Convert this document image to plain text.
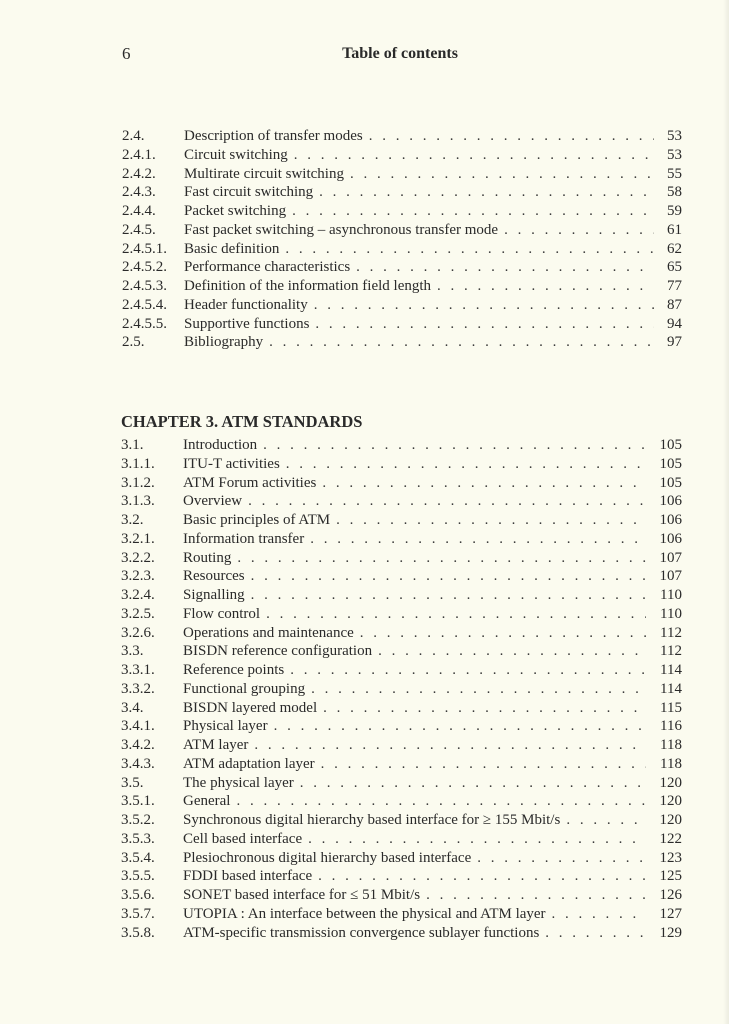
6	Table of contents
2.4.	Description of transfer modes . . .	53
2.4.1.	Circuit switching . . .	53
2.4.2.	Multirate circuit switching . . .	55
2.4.3.	Fast circuit switching . . .	58
2.4.4.	Packet switching . . .	59
2.4.5.	Fast packet switching – asynchronous transfer mode . . .	61
2.4.5.1.	Basic definition . . .	62
2.4.5.2.	Performance characteristics . . .	65
2.4.5.3.	Definition of the information field length . . .	77
2.4.5.4.	Header functionality . . .	87
2.4.5.5.	Supportive functions . . .	94
2.5.	Bibliography . . .	97
CHAPTER 3. ATM STANDARDS
3.1.	Introduction . . .	105
3.1.1.	ITU-T activities . . .	105
3.1.2.	ATM Forum activities . . .	105
3.1.3.	Overview . . .	106
3.2.	Basic principles of ATM . . .	106
3.2.1.	Information transfer . . .	106
3.2.2.	Routing . . .	107
3.2.3.	Resources . . .	107
3.2.4.	Signalling . . .	110
3.2.5.	Flow control . . .	110
3.2.6.	Operations and maintenance . . .	112
3.3.	BISDN reference configuration . . .	112
3.3.1.	Reference points . . .	114
3.3.2.	Functional grouping . . .	114
3.4.	BISDN layered model . . .	115
3.4.1.	Physical layer . . .	116
3.4.2.	ATM layer . . .	118
3.4.3.	ATM adaptation layer . . .	118
3.5.	The physical layer . . .	120
3.5.1.	General . . .	120
3.5.2.	Synchronous digital hierarchy based interface for ≥ 155 Mbit/s . . .	120
3.5.3.	Cell based interface . . .	122
3.5.4.	Plesiochronous digital hierarchy based interface . . .	123
3.5.5.	FDDI based interface . . .	125
3.5.6.	SONET based interface for ≤ 51 Mbit/s . . .	126
3.5.7.	UTOPIA : An interface between the physical and ATM layer . . .	127
3.5.8.	ATM-specific transmission convergence sublayer functions . . .	129
